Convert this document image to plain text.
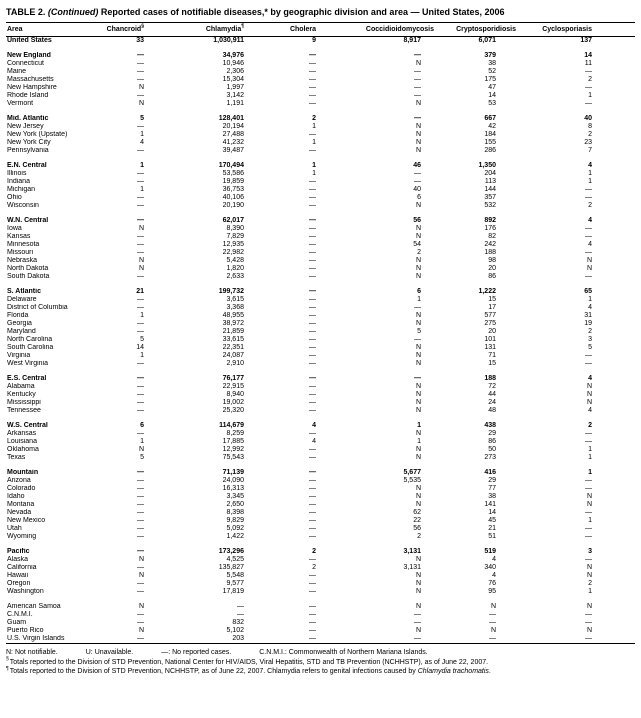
TABLE 2. (Continued) Reported cases of notifiable diseases,* by geographic division and area — United States, 2006
Area	Chancroid§	Chlamydia¶	Cholera	Coccidioidomycosis	Cryptosporidiosis	Cyclosporiasis	
United States	33	1,030,911	9	8,917	6,071	137	

New England	—	34,976	—	—	379	14	
Connecticut	—	10,946	—	N	38	11	
Maine	—	2,306	—	—	52	—	
Massachusetts	—	15,304	—	—	175	2	
New Hampshire	N	1,997	—	—	47	—	
Rhode Island	—	3,142	—	—	14	1	
Vermont	N	1,191	—	N	53	—	

Mid. Atlantic	5	128,401	2	—	667	40	
New Jersey	—	20,194	1	N	42	8	
New York (Upstate)	1	27,488	—	N	184	2	
New York City	4	41,232	1	N	155	23	
Pennsylvania	—	39,487	—	N	286	7	

E.N. Central	1	170,494	1	46	1,350	4	
Illinois	—	53,586	1	—	204	1	
Indiana	—	19,859	—	—	113	1	
Michigan	1	36,753	—	40	144	—	
Ohio	—	40,106	—	6	357	—	
Wisconsin	—	20,190	—	N	532	2	

W.N. Central	—	62,017	—	56	892	4	
Iowa	N	8,390	—	N	176	—	
Kansas	—	7,829	—	N	82	—	
Minnesota	—	12,935	—	54	242	4	
Missouri	—	22,982	—	2	188	—	
Nebraska	N	5,428	—	N	98	N	
North Dakota	N	1,820	—	N	20	N	
South Dakota	—	2,633	—	N	86	—	

S. Atlantic	21	199,732	—	6	1,222	65	
Delaware	—	3,615	—	1	15	1	
District of Columbia	—	3,368	—	—	17	4	
Florida	1	48,955	—	N	577	31	
Georgia	—	38,972	—	N	275	19	
Maryland	—	21,859	—	5	20	2	
North Carolina	5	33,615	—	—	101	3	
South Carolina	14	22,351	—	N	131	5	
Virginia	1	24,087	—	N	71	—	
West Virginia	—	2,910	—	N	15	—	

E.S. Central	—	76,177	—	—	188	4	
Alabama	—	22,915	—	N	72	N	
Kentucky	—	8,940	—	N	44	N	
Mississippi	—	19,002	—	N	24	N	
Tennessee	—	25,320	—	N	48	4	

W.S. Central	6	114,679	4	1	438	2	
Arkansas	—	8,259	—	N	29	—	
Louisiana	1	17,885	4	1	86	—	
Oklahoma	N	12,992	—	N	50	1	
Texas	5	75,543	—	N	273	1	

Mountain	—	71,139	—	5,677	416	1	
Arizona	—	24,090	—	5,535	29	—	
Colorado	—	16,313	—	N	77	—	
Idaho	—	3,345	—	N	38	N	
Montana	—	2,650	—	N	141	N	
Nevada	—	8,398	—	62	14	—	
New Mexico	—	9,829	—	22	45	1	
Utah	—	5,092	—	56	21	—	
Wyoming	—	1,422	—	2	51	—	

Pacific	—	173,296	2	3,131	519	3	
Alaska	N	4,525	—	N	4	—	
California	—	135,827	2	3,131	340	N	
Hawaii	N	5,548	—	N	4	N	
Oregon	—	9,577	—	N	76	2	
Washington	—	17,819	—	N	95	1	

American Samoa	N	—	—	N	N	N	
C.N.M.I.	—	—	—	—	—	—	
Guam	—	832	—	—	—	—	
Puerto Rico	N	5,102	—	N	N	N	
U.S. Virgin Islands	—	203	—	—	—	—	
N: Not notifiable.	U: Unavailable.	—: No reported cases.	C.N.M.I.: Commonwealth of Northern Mariana Islands.
§Totals reported to the Division of STD Prevention, National Center for HIV/AIDS, Viral Hepatitis, STD and TB Prevention (NCHHSTP), as of June 22, 2007.
¶Totals reported to the Division of STD Prevention, NCHHSTP, as of June 22, 2007. Chlamydia refers to genital infections caused by Chlamydia trachomatis.
